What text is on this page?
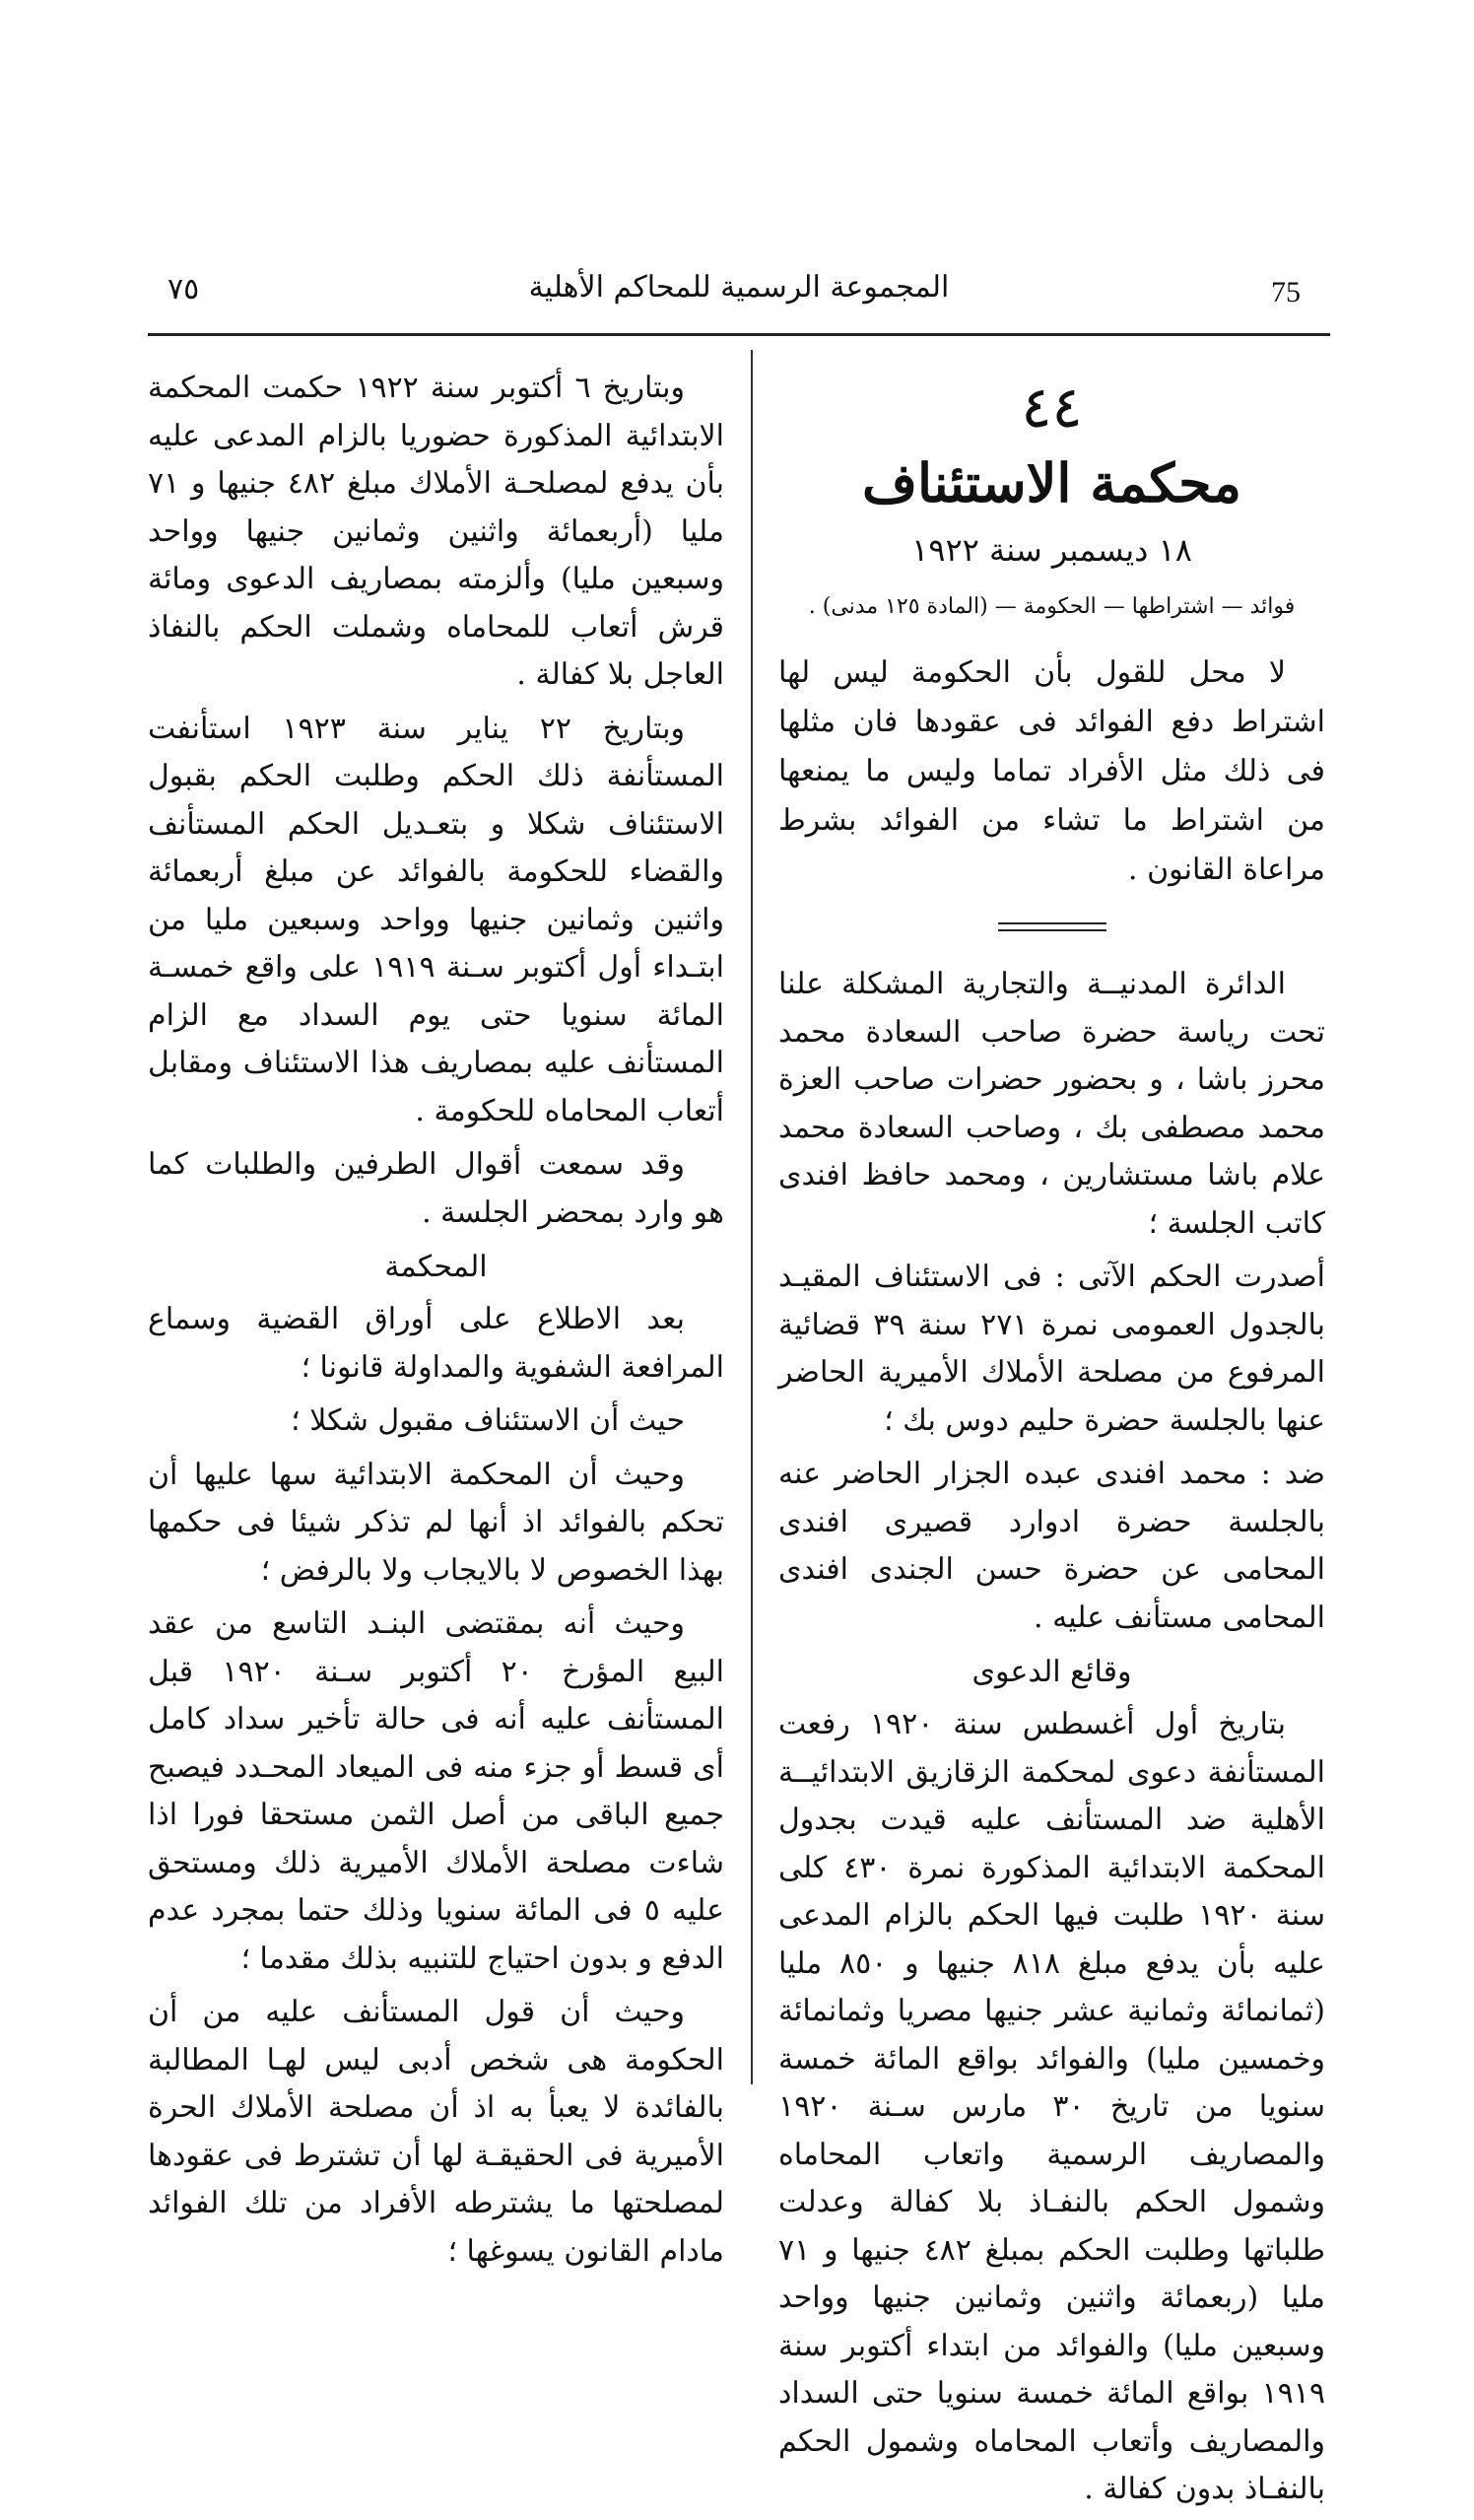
٧٥	المجموعة الرسمية للمحاكم الأهلية	75
٤٤
محكمة الاستئناف
١٨ ديسمبر سنة ١٩٢٢
فوائد — اشتراطها — الحكومة — (المادة ١٢٥ مدنى) .

لا محل للقول بأن الحكومة ليس لها اشتراط دفع الفوائد فى عقودها فان مثلها فى ذلك مثل الأفراد تماما وليس ما يمنعها من اشتراط ما تشاء من الفوائد بشرط مراعاة القانون .

الدائرة المدنيــة والتجارية المشكلة علنا تحت رياسة حضرة صاحب السعادة محمد محرز باشا ، و بحضور حضرات صاحب العزة محمد مصطفى بك ، وصاحب السعادة محمد علام باشا مستشارين ، ومحمد حافظ افندى كاتب الجلسة ؛

أصدرت الحكم الآتى : فى الاستئناف المقيـد بالجدول العمومى نمرة ٢٧١ سنة ٣٩ قضائية المرفوع من مصلحة الأملاك الأميرية الحاضر عنها بالجلسة حضرة حليم دوس بك ؛

ضد : محمد افندى عبده الجزار الحاضر عنه بالجلسة حضرة ادوارد قصيرى افندى المحامى عن حضرة حسن الجندى افندى المحامى مستأنف عليه .

وقائع الدعوى

بتاريخ أول أغسطس سنة ١٩٢٠ رفعت المستأنفة دعوى لمحكمة الزقازيق الابتدائيــة الأهلية ضد المستأنف عليه قيدت بجدول المحكمة الابتدائية المذكورة نمرة ٤٣٠ كلى سنة ١٩٢٠ طلبت فيها الحكم بالزام المدعى عليه بأن يدفع مبلغ ٨١٨ جنيها و ٨٥٠ مليا (ثمانمائة وثمانية عشر جنيها مصريا وثمانمائة وخمسين مليا) والفوائد بواقع المائة خمسة سنويا من تاريخ ٣٠ مارس سـنة ١٩٢٠ والمصاريف الرسمية واتعاب المحاماه وشمول الحكم بالنفـاذ بلا كفالة وعدلت طلباتها وطلبت الحكم بمبلغ ٤٨٢ جنيها و ٧١ مليا (ربعمائة واثنين وثمانين جنيها وواحد وسبعين مليا) والفوائد من ابتداء أكتوبر سنة ١٩١٩ بواقع المائة خمسة سنويا حتى السداد والمصاريف وأتعاب المحاماه وشمول الحكم بالنفـاذ بدون كفالة .

وبتاريخ ٦ أكتوبر سنة ١٩٢٢ حكمت المحكمة الابتدائية المذكورة حضوريا بالزام المدعى عليه بأن يدفع لمصلحـة الأملاك مبلغ ٤٨٢ جنيها و ٧١ مليا (أربعمائة واثنين وثمانين جنيها وواحد وسبعين مليا) وألزمته بمصاريف الدعوى ومائة قرش أتعاب للمحاماه وشملت الحكم بالنفاذ العاجل بلا كفالة .

وبتاريخ ٢٢ يناير سنة ١٩٢٣ استأنفت المستأنفة ذلك الحكم وطلبت الحكم بقبول الاستئناف شكلا و بتعـديل الحكم المستأنف والقضاء للحكومة بالفوائد عن مبلغ أربعمائة واثنين وثمانين جنيها وواحد وسبعين مليا من ابتـداء أول أكتوبر سـنة ١٩١٩ على واقع خمسـة المائة سنويا حتى يوم السداد مع الزام المستأنف عليه بمصاريف هذا الاستئناف ومقابل أتعاب المحاماه للحكومة .

وقد سمعت أقوال الطرفين والطلبات كما هو وارد بمحضر الجلسة .

المحكمة

بعد الاطلاع على أوراق القضية وسماع المرافعة الشفوية والمداولة قانونا ؛

حيث أن الاستئناف مقبول شكلا ؛

وحيث أن المحكمة الابتدائية سها عليها أن تحكم بالفوائد اذ أنها لم تذكر شيئا فى حكمها بهذا الخصوص لا بالايجاب ولا بالرفض ؛

وحيث أنه بمقتضى البنـد التاسع من عقد البيع المؤرخ ٢٠ أكتوبر سـنة ١٩٢٠ قبل المستأنف عليه أنه فى حالة تأخير سداد كامل أى قسط أو جزء منه فى الميعاد المحـدد فيصبح جميع الباقى من أصل الثمن مستحقا فورا اذا شاءت مصلحة الأملاك الأميرية ذلك ومستحق عليه ٥ فى المائة سنويا وذلك حتما بمجرد عدم الدفع و بدون احتياج للتنبيه بذلك مقدما ؛

وحيث أن قول المستأنف عليه من أن الحكومة هى شخص أدبى ليس لهـا المطالبة بالفائدة لا يعبأ به اذ أن مصلحة الأملاك الحرة الأميرية فى الحقيقـة لها أن تشترط فى عقودها لمصلحتها ما يشترطه الأفراد من تلك الفوائد مادام القانون يسوغها ؛
